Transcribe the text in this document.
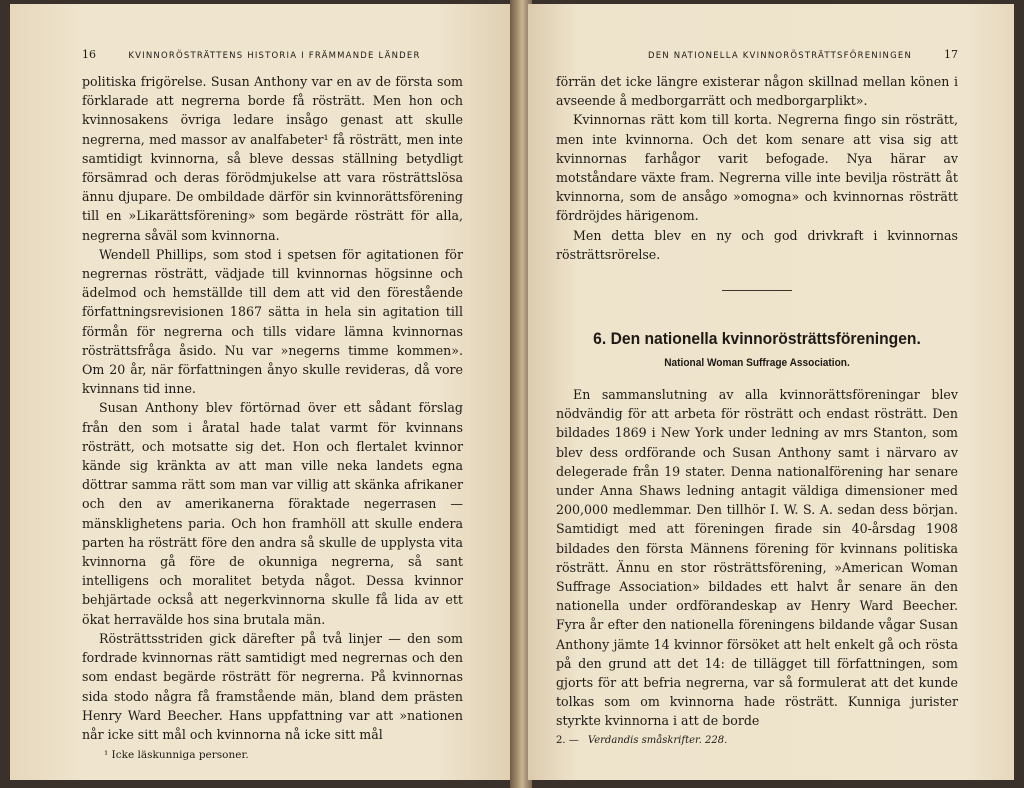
16	KVINNORÖSTRÄTTENS HISTORIA I FRÄMMANDE LÄNDER

politiska frigörelse. Susan Anthony var en av de första som förklarade att negrerna borde få rösträtt. Men hon och kvinnosakens övriga ledare insågo genast att skulle negrerna, med massor av analfabeter¹ få rösträtt, men inte samtidigt kvinnorna, så bleve dessas ställning betydligt försämrad och deras förödmjukelse att vara rösträttslösa ännu djupare. De ombildade därför sin kvinnorättsförening till en »Likarättsförening» som begärde rösträtt för alla, negrerna såväl som kvinnorna.

Wendell Phillips, som stod i spetsen för agitationen för negrernas rösträtt, vädjade till kvinnornas högsinne och ädelmod och hemställde till dem att vid den förestående författningsrevisionen 1867 sätta in hela sin agitation till förmån för negrerna och tills vidare lämna kvinnornas rösträttsfråga åsido. Nu var »negerns timme kommen». Om 20 år, när författningen ånyo skulle revideras, då vore kvinnans tid inne.

Susan Anthony blev förtörnad över ett sådant förslag från den som i åratal hade talat varmt för kvinnans rösträtt, och motsatte sig det. Hon och flertalet kvinnor kände sig kränkta av att man ville neka landets egna döttrar samma rätt som man var villig att skänka afrikaner och den av amerikanerna föraktade negerrasen — mänsklighetens paria. Och hon framhöll att skulle endera parten ha rösträtt före den andra så skulle de upplysta vita kvinnorna gå före de okunniga negrerna, så sant intelligens och moralitet betyda något. Dessa kvinnor behjärtade också att negerkvinnorna skulle få lida av ett ökat herravälde hos sina brutala män.

Rösträttsstriden gick därefter på två linjer — den som fordrade kvinnornas rätt samtidigt med negrernas och den som endast begärde rösträtt för negrerna. På kvinnornas sida stodo några få framstående män, bland dem prästen Henry Ward Beecher. Hans uppfattning var att »nationen når icke sitt mål och kvinnorna nå icke sitt mål

¹ Icke läskunniga personer.
DEN NATIONELLA KVINNORÖSTRÄTTSFÖRENINGEN	17

förrän det icke längre existerar någon skillnad mellan könen i avseende å medborgarrätt och medborgarplikt».

Kvinnornas rätt kom till korta. Negrerna fingo sin rösträtt, men inte kvinnorna. Och det kom senare att visa sig att kvinnornas farhågor varit befogade. Nya härar av motståndare växte fram. Negrerna ville inte bevilja rösträtt åt kvinnorna, som de ansågo »omogna» och kvinnornas rösträtt fördröjdes härigenom.

Men detta blev en ny och god drivkraft i kvinnornas rösträttsrörelse.

6. Den nationella kvinnorösträttsföreningen.
National Woman Suffrage Association.

En sammanslutning av alla kvinnorättsföreningar blev nödvändig för att arbeta för rösträtt och endast rösträtt. Den bildades 1869 i New York under ledning av mrs Stanton, som blev dess ordförande och Susan Anthony samt i närvaro av delegerade från 19 stater. Denna nationalförening har senare under Anna Shaws ledning antagit väldiga dimensioner med 200,000 medlemmar. Den tillhör I. W. S. A. sedan dess början. Samtidigt med att föreningen firade sin 40-årsdag 1908 bildades den första Männens förening för kvinnans politiska rösträtt. Ännu en stor rösträttsförening, »American Woman Suffrage Association» bildades ett halvt år senare än den nationella under ordförandeskap av Henry Ward Beecher. Fyra år efter den nationella föreningens bildande vågar Susan Anthony jämte 14 kvinnor försöket att helt enkelt gå och rösta på den grund att det 14: de tillägget till författningen, som gjorts för att befria negrerna, var så formulerat att det kunde tolkas som om kvinnorna hade rösträtt. Kunniga jurister styrkte kvinnorna i att de borde

2. — Verdandis småskrifter. 228.
